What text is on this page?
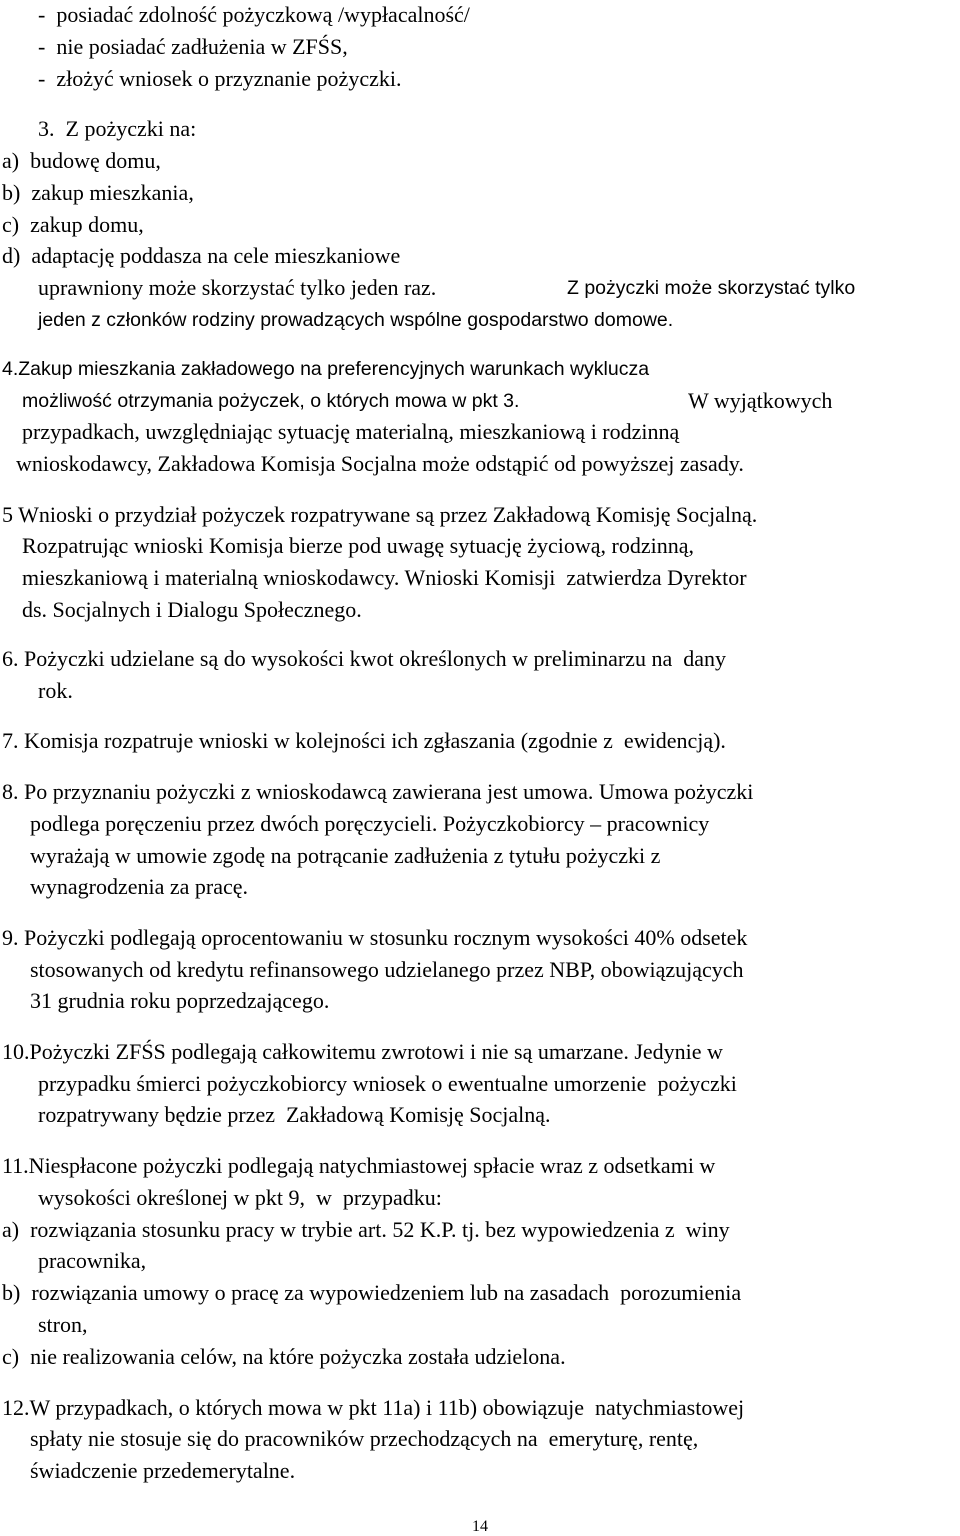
-  posiadać zdolność pożyczkową /wypłacalność/
-  nie posiadać zadłużenia w ZFŚS,
-  złożyć wniosek o przyznanie pożyczki.
3.  Z pożyczki na:
a)  budowę domu,
b)  zakup mieszkania,
c)  zakup domu,
d)  adaptację poddasza na cele mieszkaniowe
uprawniony może skorzystać tylko jeden raz.	Z pożyczki może skorzystać tylko
jeden z członków rodziny prowadzących wspólne gospodarstwo domowe.
4.Zakup mieszkania zakładowego na preferencyjnych warunkach wyklucza
możliwość otrzymania pożyczek, o których mowa w pkt 3.	W wyjątkowych
przypadkach, uwzględniając sytuację materialną, mieszkaniową i rodzinną
wnioskodawcy, Zakładowa Komisja Socjalna może odstąpić od powyższej zasady.
5 Wnioski o przydział pożyczek rozpatrywane są przez Zakładową Komisję Socjalną.
Rozpatrując wnioski Komisja bierze pod uwagę sytuację życiową, rodzinną,
mieszkaniową i materialną wnioskodawcy. Wnioski Komisji  zatwierdza Dyrektor
ds. Socjalnych i Dialogu Społecznego.
6. Pożyczki udzielane są do wysokości kwot określonych w preliminarzu na  dany
rok.
7. Komisja rozpatruje wnioski w kolejności ich zgłaszania (zgodnie z  ewidencją).
8. Po przyznaniu pożyczki z wnioskodawcą zawierana jest umowa. Umowa pożyczki
podlega poręczeniu przez dwóch poręczycieli. Pożyczkobiorcy – pracownicy
wyrażają w umowie zgodę na potrącanie zadłużenia z tytułu pożyczki z
wynagrodzenia za pracę.
9. Pożyczki podlegają oprocentowaniu w stosunku rocznym wysokości 40% odsetek
stosowanych od kredytu refinansowego udzielanego przez NBP, obowiązujących
31 grudnia roku poprzedzającego.
10.Pożyczki ZFŚS podlegają całkowitemu zwrotowi i nie są umarzane. Jedynie w
przypadku śmierci pożyczkobiorcy wniosek o ewentualne umorzenie  pożyczki
rozpatrywany będzie przez  Zakładową Komisję Socjalną.
11.Niespłacone pożyczki podlegają natychmiastowej spłacie wraz z odsetkami w
wysokości określonej w pkt 9,  w  przypadku:
a)  rozwiązania stosunku pracy w trybie art. 52 K.P. tj. bez wypowiedzenia z  winy
pracownika,
b)  rozwiązania umowy o pracę za wypowiedzeniem lub na zasadach  porozumienia
stron,
c)  nie realizowania celów, na które pożyczka została udzielona.
12.W przypadkach, o których mowa w pkt 11a) i 11b) obowiązuje  natychmiastowej
spłaty nie stosuje się do pracowników przechodzących na  emeryturę, rentę,
świadczenie przedemerytalne.
14
